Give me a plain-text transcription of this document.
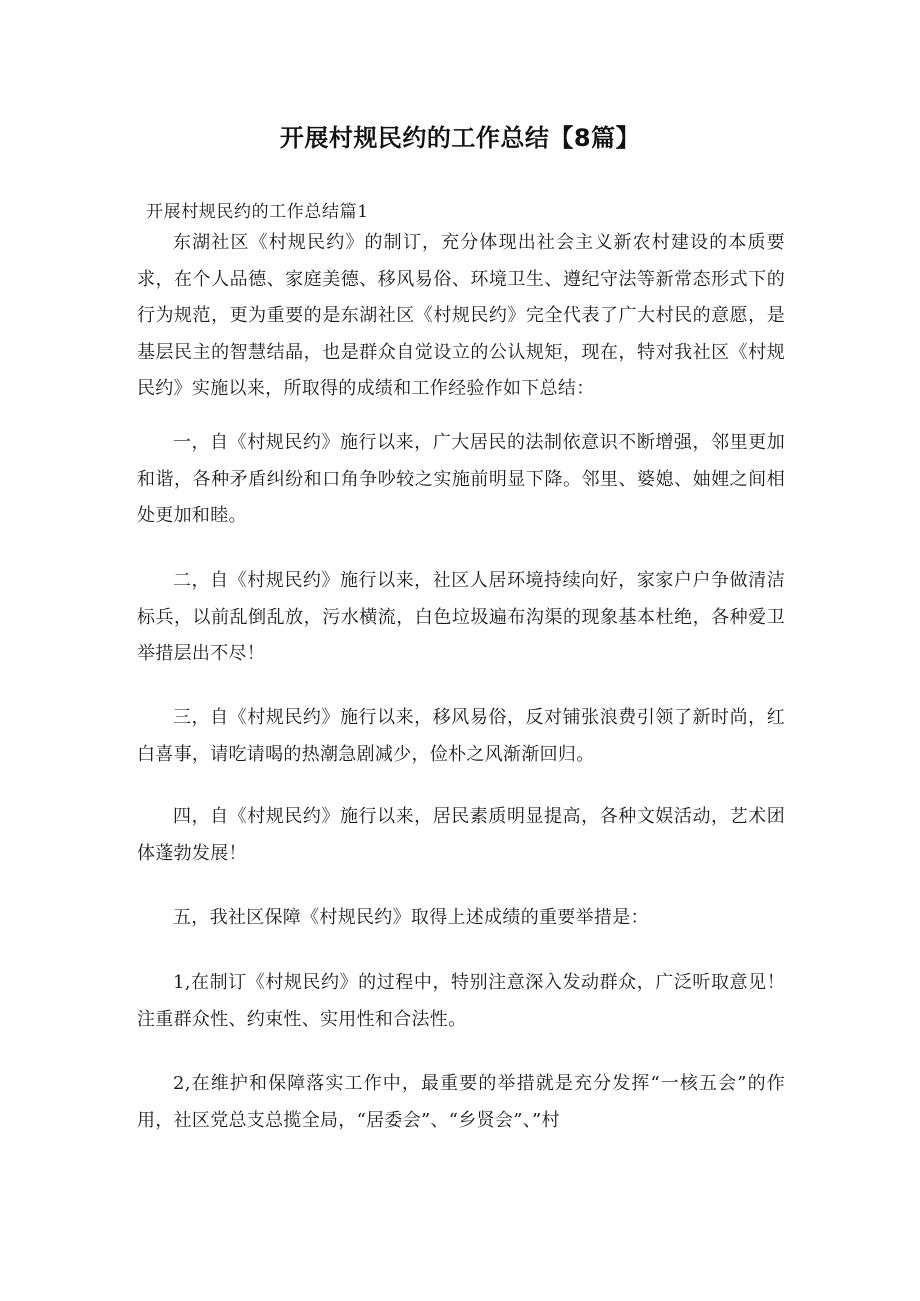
开展村规民约的工作总结【8篇】
开展村规民约的工作总结篇1

东湖社区《村规民约》的制订，充分体现出社会主义新农村建设的本质要求，在个人品德、家庭美德、移风易俗、环境卫生、遵纪守法等新常态形式下的行为规范，更为重要的是东湖社区《村规民约》完全代表了广大村民的意愿，是基层民主的智慧结晶，也是群众自觉设立的公认规矩，现在，特对我社区《村规民约》实施以来，所取得的成绩和工作经验作如下总结：

一，自《村规民约》施行以来，广大居民的法制依意识不断增强，邻里更加和谐，各种矛盾纠纷和口角争吵较之实施前明显下降。邻里、婆媳、妯娌之间相处更加和睦。

二，自《村规民约》施行以来，社区人居环境持续向好，家家户户争做清洁标兵，以前乱倒乱放，污水横流，白色垃圾遍布沟渠的现象基本杜绝，各种爱卫举措层出不尽！

三，自《村规民约》施行以来，移风易俗，反对铺张浪费引领了新时尚，红白喜事，请吃请喝的热潮急剧减少，俭朴之风渐渐回归。

四，自《村规民约》施行以来，居民素质明显提高，各种文娱活动，艺术团体蓬勃发展！

五，我社区保障《村规民约》取得上述成绩的重要举措是：

1,在制订《村规民约》的过程中，特别注意深入发动群众，广泛听取意见！注重群众性、约束性、实用性和合法性。

2,在维护和保障落实工作中，最重要的举措就是充分发挥“一核五会”的作用，社区党总支总揽全局，“居委会”、“乡贤会”、”村
